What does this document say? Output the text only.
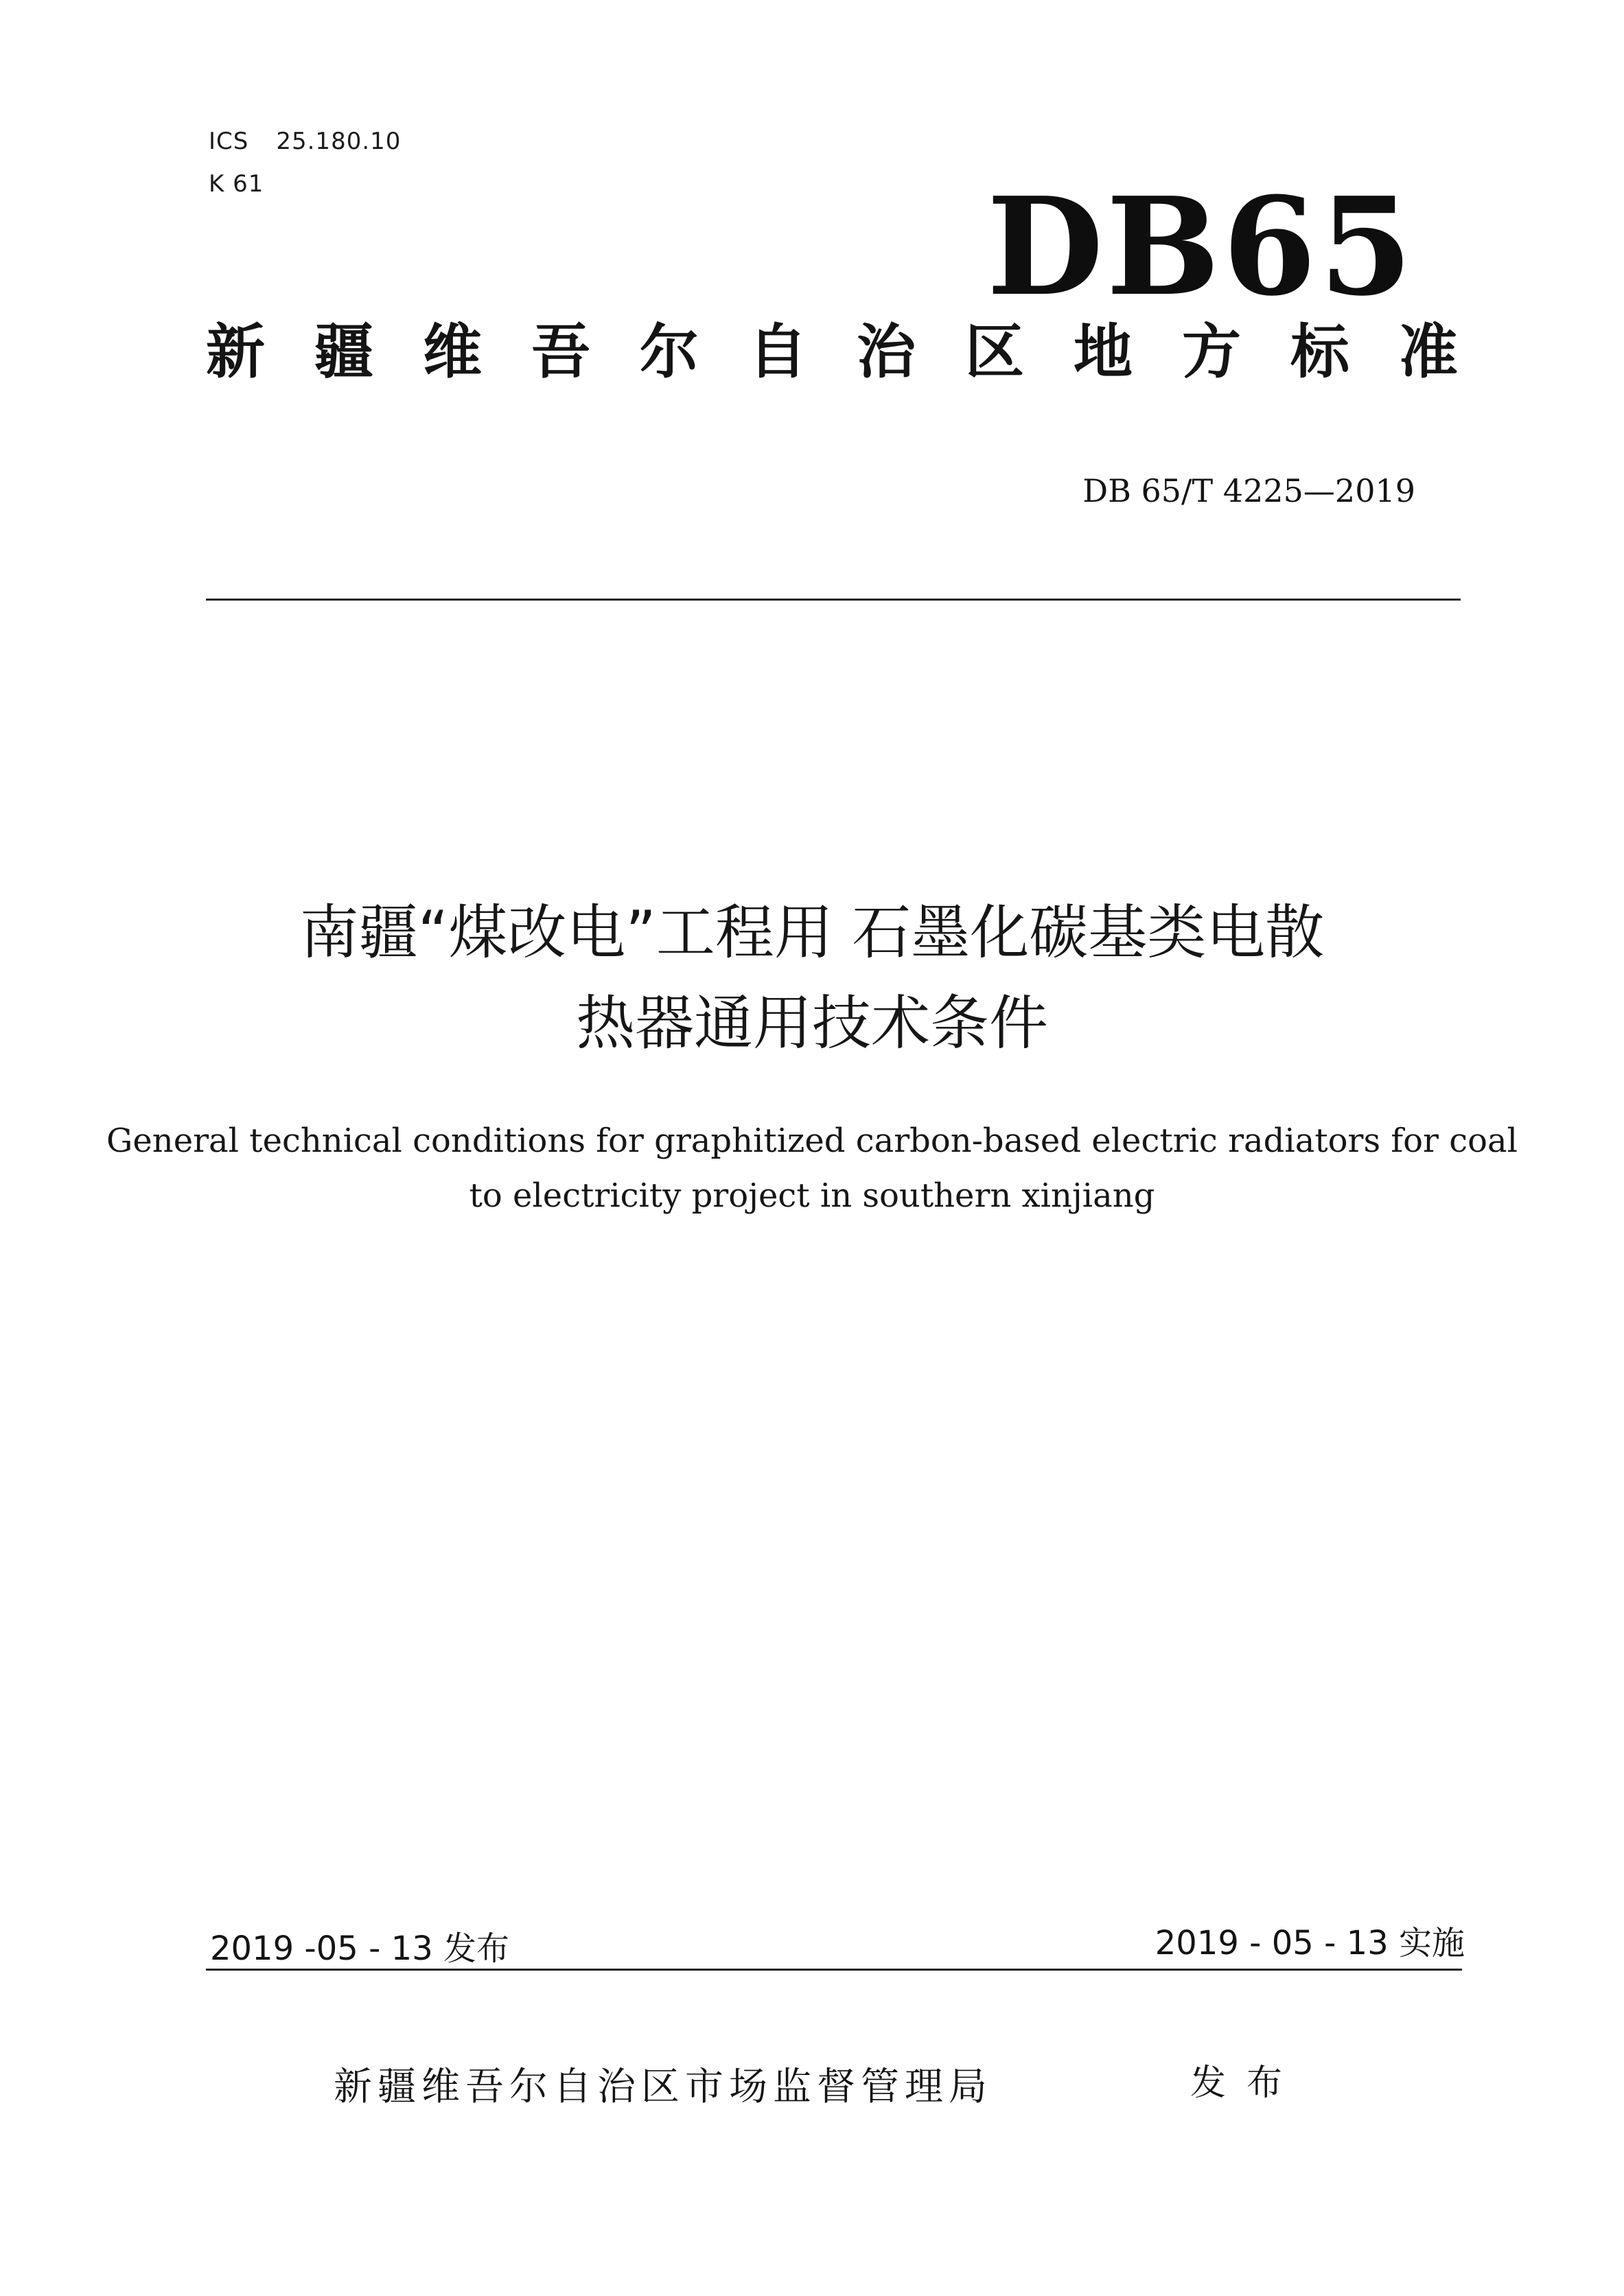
ICS 25.180.10
K 61	DB65
新疆维吾尔自治区地方标准
DB 65/T 4225—2019
南疆“煤改电”工程用 石墨化碳基类电散
热器通用技术条件
General technical conditions for graphitized carbon-based electric radiators for coal
to electricity project in southern xinjiang
2019 -05 - 13 发布	2019 - 05 - 13 实施
新疆维吾尔自治区市场监督管理局	发布
